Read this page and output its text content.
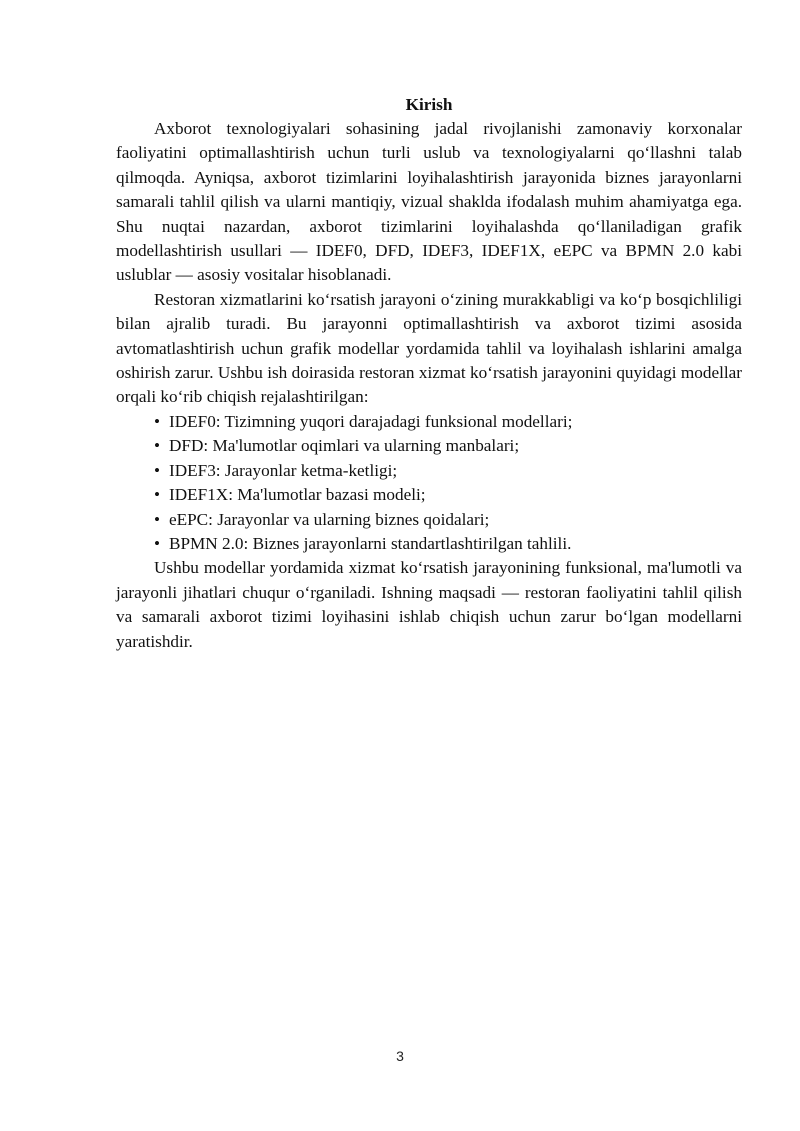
Kirish

Axborot texnologiyalari sohasining jadal rivojlanishi zamonaviy korxonalar faoliyatini optimallashtirish uchun turli uslub va texnologiyalarni qo‘llashni talab qilmoqda. Ayniqsa, axborot tizimlarini loyihalashtirish jarayonida biznes jarayonlarni samarali tahlil qilish va ularni mantiqiy, vizual shaklda ifodalash muhim ahamiyatga ega. Shu nuqtai nazardan, axborot tizimlarini loyihalashda qo‘llaniladigan grafik modellashtirish usullari — IDEF0, DFD, IDEF3, IDEF1X, eEPC va BPMN 2.0 kabi uslublar — asosiy vositalar hisoblanadi.

Restoran xizmatlarini ko‘rsatish jarayoni o‘zining murakkabligi va ko‘p bosqichliligi bilan ajralib turadi. Bu jarayonni optimallashtirish va axborot tizimi asosida avtomatlashtirish uchun grafik modellar yordamida tahlil va loyihalash ishlarini amalga oshirish zarur. Ushbu ish doirasida restoran xizmat ko‘rsatish jarayonini quyidagi modellar orqali ko‘rib chiqish rejalashtirilgan:

• IDEF0: Tizimning yuqori darajadagi funksional modellari;
• DFD: Ma'lumotlar oqimlari va ularning manbalari;
• IDEF3: Jarayonlar ketma-ketligi;
• IDEF1X: Ma'lumotlar bazasi modeli;
• eEPC: Jarayonlar va ularning biznes qoidalari;
• BPMN 2.0: Biznes jarayonlarni standartlashtirilgan tahlili.

Ushbu modellar yordamida xizmat ko‘rsatish jarayonining funksional, ma'lumotli va jarayonli jihatlari chuqur o‘rganiladi. Ishning maqsadi — restoran faoliyatini tahlil qilish va samarali axborot tizimi loyihasini ishlab chiqish uchun zarur bo‘lgan modellarni yaratishdir.

3
